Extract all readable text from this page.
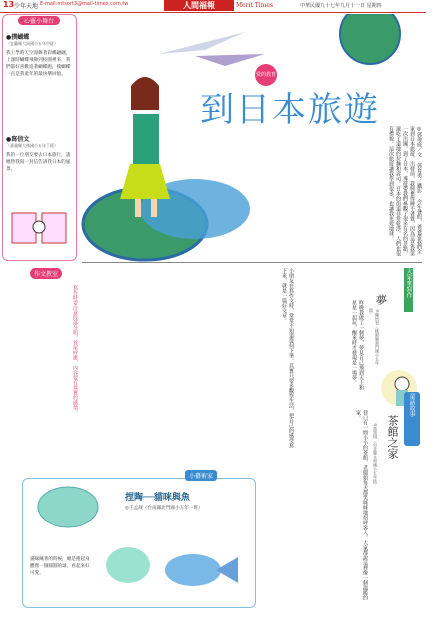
13 少年天地 E-mail:mtsort3@mail-times.com.tw	人間福報	Merit Times	中華民國九十七年九月十一日 星期四
心靈小舞台
●撲蝴蝶
（宜蘭縣大同國小五年甲班）
我上學時天空漫舞著彩蝶翩翩，上課時蝴蝶飛舞到校園裡來，我們都好喜歡追著蝴蝶跑，撲蝴蝶一直是我童年的最快樂回憶。
●寫信文
（嘉義縣大林國小五年丁班）
我的一位朋友要去日本旅行，請她替我寫一封信告訴我日本的風景。
愛的教育
到日本旅遊
◎郭瑋庭／文 郭育勇／攝影 今年暑假，爸爸帶我們全家到日本旅遊。出發前，我興奮得睡不著覺，因為這是我第一次出國。到了日本，導遊帶我們參觀了很多有名的景點，還吃了道地的拉麵和壽司。日本的街道非常乾淨，人們也很有禮貌。這次旅遊讓我學到很多，也讓我更愛地球。
作文教室
寫作時要注意段落分明，首尾呼應，內容要有真實的感情。	小朋友在寫作文時，常常不知道從何下筆。其實只要多觀察生活，把自己的感受寫下來，就是一篇好文章。	大家來寫作
夢
◎陳怡君（桃園縣東門國小五年級）
昨晚我做了一個夢，夢見自己飛到天上和星星一起玩，醒來時才發現是一場夢。
童話故事
茶館之家
◎黃靖琪（台北縣永和國小五年級）
巷口有一間小小的茶館，老闆娘每天都笑咪咪地招呼客人，大家都說這裡像一個溫暖的家。
小藝術家
捏陶──貓咪與魚
◎王孟葳（台南縣北門國小五年一班）
貓咪睡著的時候，總是捲起身體像一個圓圓的球，看起來好可愛。
